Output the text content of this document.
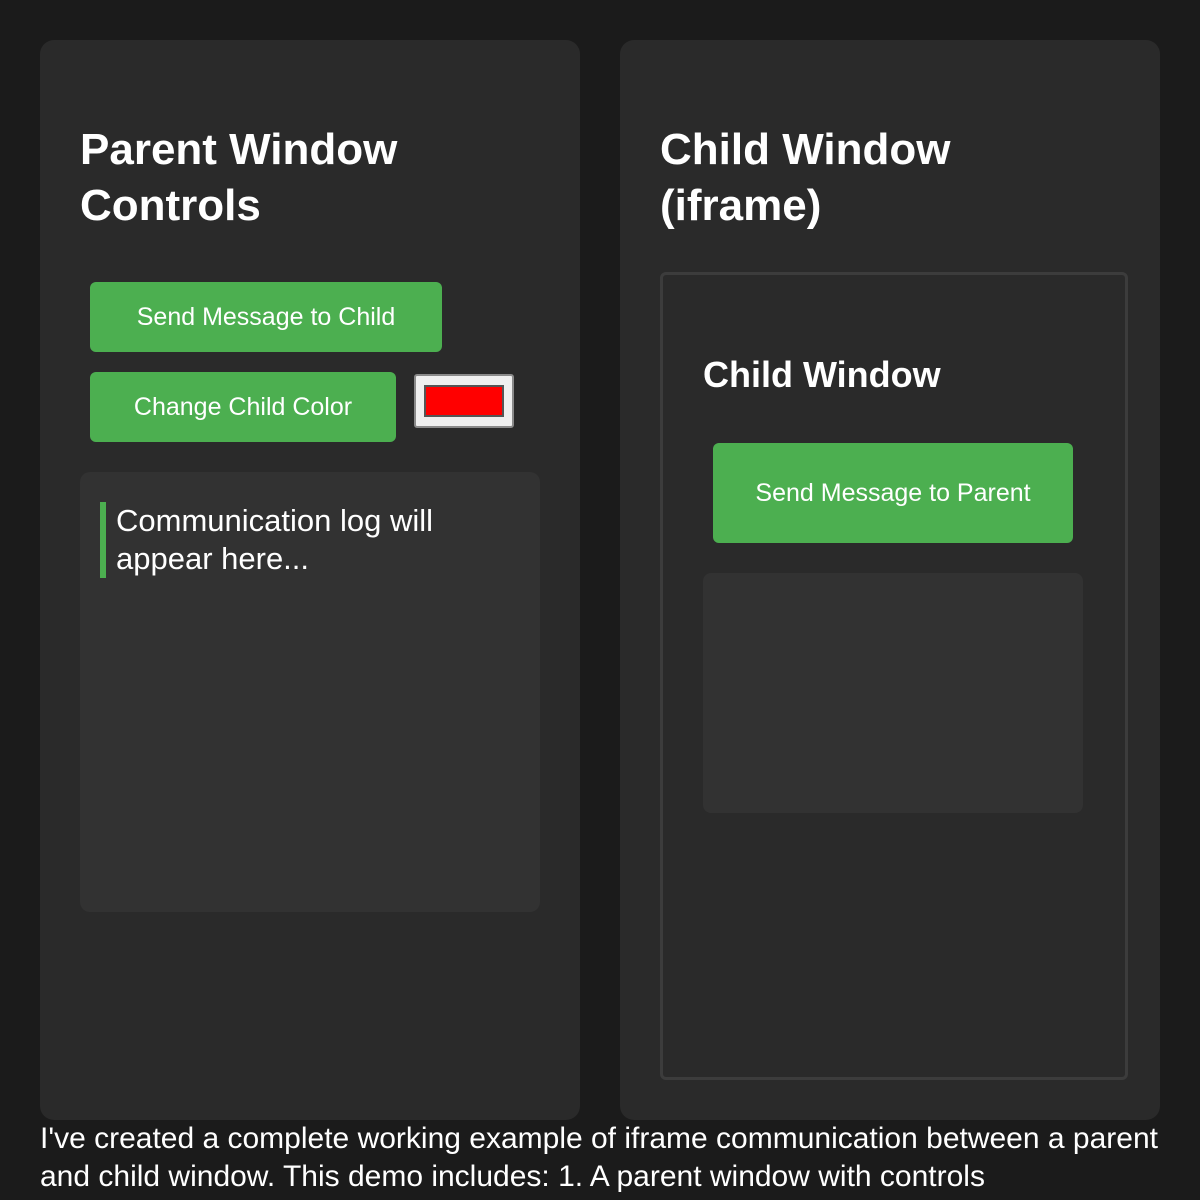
Parent Window Controls
Send Message to Child
Change Child Color
Communication log will appear here...
Child Window (iframe)
Child Window
Send Message to Parent

I've created a complete working example of iframe communication between a parent and child window. This demo includes: 1. A parent window with controls
